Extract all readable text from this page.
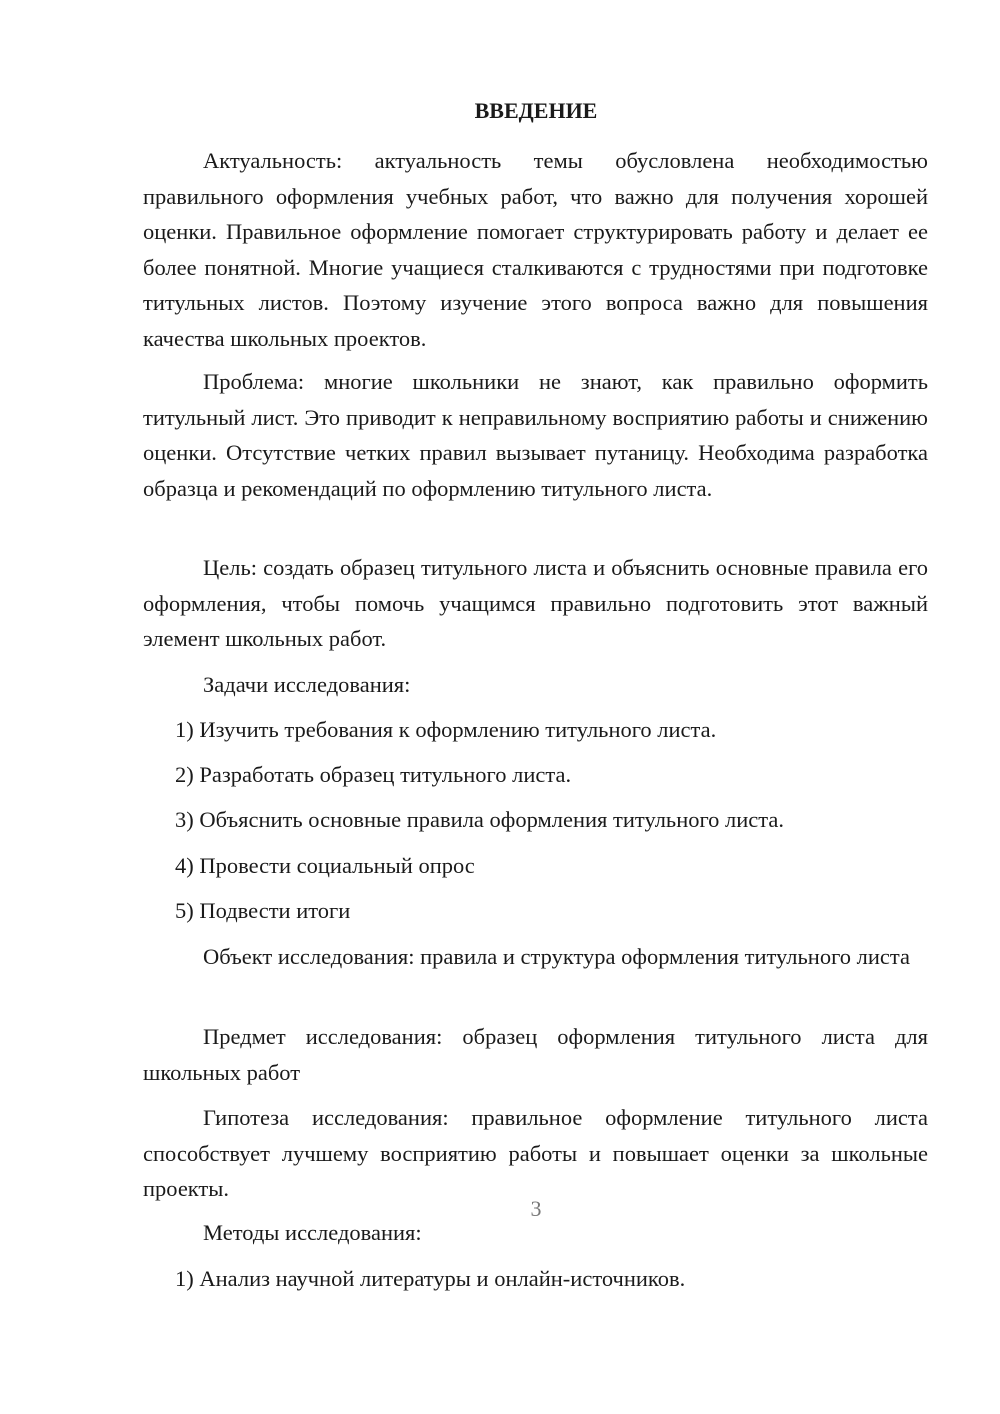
ВВЕДЕНИЕ

Актуальность: актуальность темы обусловлена необходимостью правильного оформления учебных работ, что важно для получения хорошей оценки. Правильное оформление помогает структурировать работу и делает ее более понятной. Многие учащиеся сталкиваются с трудностями при подготовке титульных листов. Поэтому изучение этого вопроса важно для повышения качества школьных проектов.

Проблема: многие школьники не знают, как правильно оформить титульный лист. Это приводит к неправильному восприятию работы и снижению оценки. Отсутствие четких правил вызывает путаницу. Необходима разработка образца и рекомендаций по оформлению титульного листа.

Цель: создать образец титульного листа и объяснить основные правила его оформления, чтобы помочь учащимся правильно подготовить этот важный элемент школьных работ.

Задачи исследования:

1) Изучить требования к оформлению титульного листа.

2) Разработать образец титульного листа.

3) Объяснить основные правила оформления титульного листа.

4) Провести социальный опрос

5) Подвести итоги

Объект исследования: правила и структура оформления титульного листа

Предмет исследования: образец оформления титульного листа для школьных работ

Гипотеза исследования: правильное оформление титульного листа способствует лучшему восприятию работы и повышает оценки за школьные проекты.

Методы исследования:

1) Анализ научной литературы и онлайн-источников.

3
